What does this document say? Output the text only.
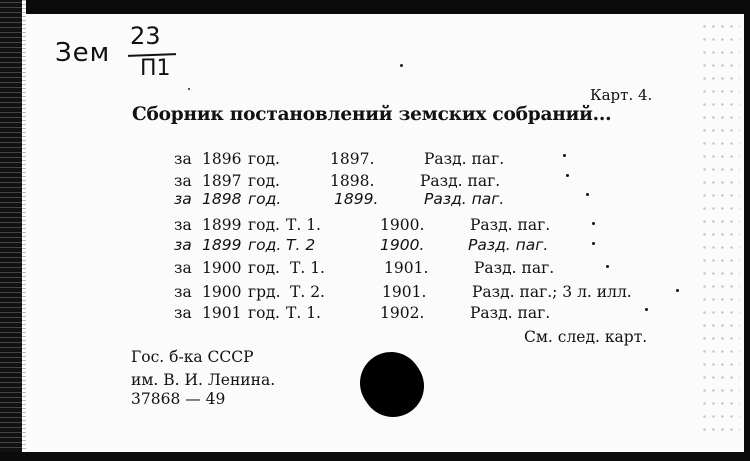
Зем
23
П1
Карт. 4.
Сборник постановлений земских собраний...
за 1896 год.	1897.	Разд. паг.
за 1897 год.	1898.	Разд. паг.
за 1898 год.	1899.	Разд. паг.
за 1899 год. Т. 1.	1900.	Разд. паг.
за 1899 год. Т. 2	1900.	Разд. паг.
за 1900 год. Т. 1.	1901.	Разд. паг.
за 1900 грд. Т. 2.	1901.	Разд. паг.; 3 л. илл.
за 1901 год. Т. 1.	1902.	Разд. паг.
См. след. карт.
Гос. б-ка СССР
им. В. И. Ленина.
37868 — 49
